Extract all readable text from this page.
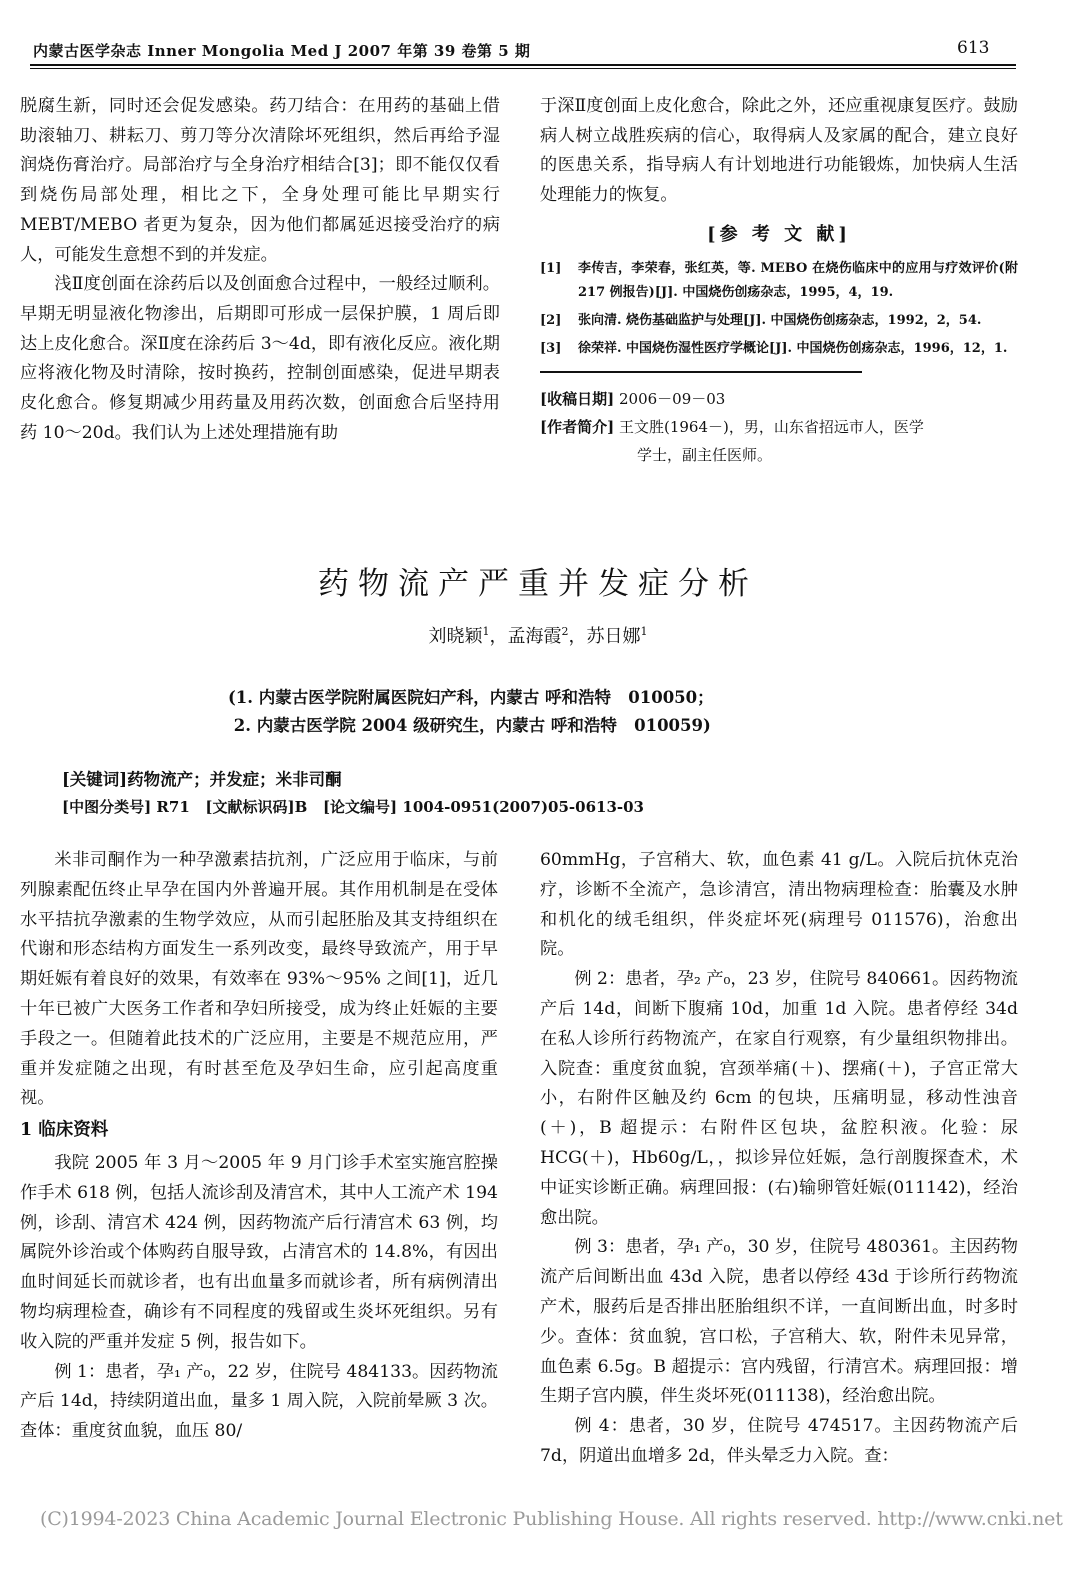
内蒙古医学杂志 Inner Mongolia Med J 2007 年第 39 卷第 5 期	613

脱腐生新，同时还会促发感染。药刀结合：在用药的基础上借助滚轴刀、耕耘刀、剪刀等分次清除坏死组织，然后再给予湿润烧伤膏治疗。局部治疗与全身治疗相结合[3]；即不能仅仅看到烧伤局部处理，相比之下，全身处理可能比早期实行 MEBT/MEBO 者更为复杂，因为他们都属延迟接受治疗的病人，可能发生意想不到的并发症。

浅Ⅱ度创面在涂药后以及创面愈合过程中，一般经过顺利。早期无明显液化物渗出，后期即可形成一层保护膜，1 周后即达上皮化愈合。深Ⅱ度在涂药后 3～4d，即有液化反应。液化期应将液化物及时清除，按时换药，控制创面感染，促进早期表皮化愈合。修复期减少用药量及用药次数，创面愈合后坚持用药 10～20d。我们认为上述处理措施有助

于深Ⅱ度创面上皮化愈合，除此之外，还应重视康复医疗。鼓励病人树立战胜疾病的信心，取得病人及家属的配合，建立良好的医患关系，指导病人有计划地进行功能锻炼，加快病人生活处理能力的恢复。

[参 考 文 献]
[1]	李传吉，李荣春，张红英，等. MEBO 在烧伤临床中的应用与疗效评价(附 217 例报告)[J]. 中国烧伤创疡杂志，1995，4，19.
[2]	张向清. 烧伤基础监护与处理[J]. 中国烧伤创疡杂志，1992，2，54.
[3]	徐荣祥. 中国烧伤湿性医疗学概论[J]. 中国烧伤创疡杂志，1996，12，1.
[收稿日期] 2006－09－03
[作者简介] 王文胜(1964－)，男，山东省招远市人，医学
学士，副主任医师。
药物流产严重并发症分析
刘晓颖$^1$，孟海霞$^2$，苏日娜$^1$
(1. 内蒙古医学院附属医院妇产科，内蒙古 呼和浩特   010050；
2. 内蒙古医学院 2004 级研究生，内蒙古 呼和浩特   010059)
[关键词]药物流产；并发症；米非司酮
[中图分类号] R71   [文献标识码]B   [论文编号] 1004-0951(2007)05-0613-03

米非司酮作为一种孕激素拮抗剂，广泛应用于临床，与前列腺素配伍终止早孕在国内外普遍开展。其作用机制是在受体水平拮抗孕激素的生物学效应，从而引起胚胎及其支持组织在代谢和形态结构方面发生一系列改变，最终导致流产，用于早期妊娠有着良好的效果，有效率在 93%～95% 之间[1]，近几十年已被广大医务工作者和孕妇所接受，成为终止妊娠的主要手段之一。但随着此技术的广泛应用，主要是不规范应用，严重并发症随之出现，有时甚至危及孕妇生命，应引起高度重视。

1 临床资料

我院 2005 年 3 月～2005 年 9 月门诊手术室实施宫腔操作手术 618 例，包括人流诊刮及清宫术，其中人工流产术 194 例，诊刮、清宫术 424 例，因药物流产后行清宫术 63 例，均属院外诊治或个体购药自服导致，占清宫术的 14.8%，有因出血时间延长而就诊者，也有出血量多而就诊者，所有病例清出物均病理检查，确诊有不同程度的残留或生炎坏死组织。另有收入院的严重并发症 5 例，报告如下。

例 1：患者，孕₁ 产₀，22 岁，住院号 484133。因药物流产后 14d，持续阴道出血，量多 1 周入院，入院前晕厥 3 次。查体：重度贫血貌，血压 80/

60mmHg，子宫稍大、软，血色素 41 g/L。入院后抗休克治疗，诊断不全流产，急诊清宫，清出物病理检查：胎囊及水肿和机化的绒毛组织，伴炎症坏死(病理号 011576)，治愈出院。

例 2：患者，孕₂ 产₀，23 岁，住院号 840661。因药物流产后 14d，间断下腹痛 10d，加重 1d 入院。患者停经 34d 在私人诊所行药物流产，在家自行观察，有少量组织物排出。入院查：重度贫血貌，宫颈举痛(＋)、摆痛(＋)，子宫正常大小，右附件区触及约 6cm 的包块，压痛明显，移动性浊音(＋)，B 超提示：右附件区包块，盆腔积液。化验：尿 HCG(＋)，Hb60g/L，，拟诊异位妊娠，急行剖腹探查术，术中证实诊断正确。病理回报：(右)输卵管妊娠(011142)，经治愈出院。

例 3：患者，孕₁ 产₀，30 岁，住院号 480361。主因药物流产后间断出血 43d 入院，患者以停经 43d 于诊所行药物流产术，服药后是否排出胚胎组织不详，一直间断出血，时多时少。查体：贫血貌，宫口松，子宫稍大、软，附件未见异常，血色素 6.5g。B 超提示：宫内残留，行清宫术。病理回报：增生期子宫内膜，伴生炎坏死(011138)，经治愈出院。

例 4：患者，30 岁，住院号 474517。主因药物流产后 7d，阴道出血增多 2d，伴头晕乏力入院。查：

(C)1994-2023 China Academic Journal Electronic Publishing House. All rights reserved. http://www.cnki.net
